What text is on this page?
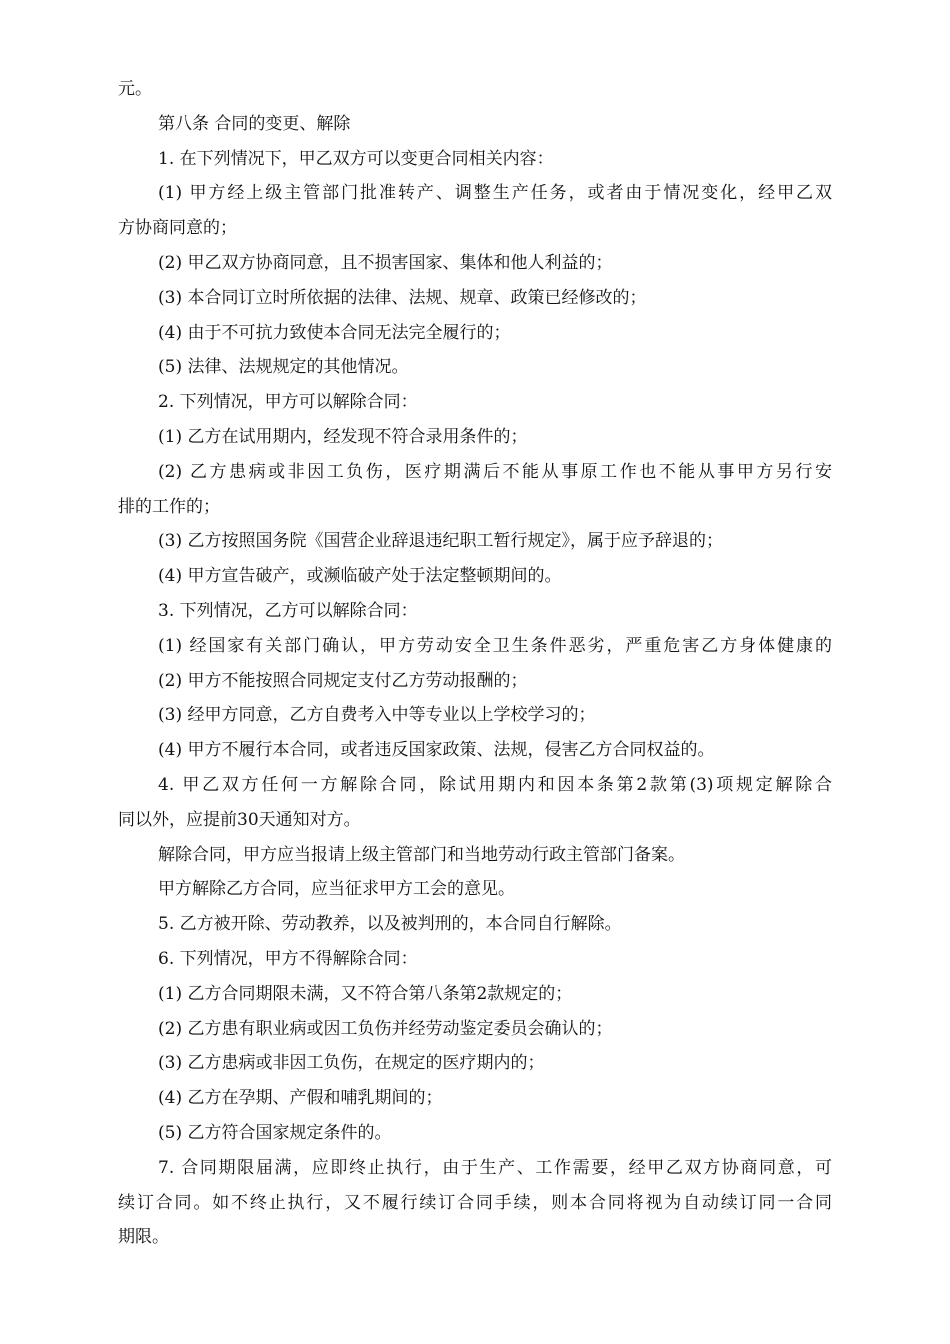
元。
第八条 合同的变更、解除
1. 在下列情况下，甲乙双方可以变更合同相关内容：
(1) 甲方经上级主管部门批准转产、调整生产任务，或者由于情况变化，经甲乙双
方协商同意的；
(2) 甲乙双方协商同意，且不损害国家、集体和他人利益的；
(3) 本合同订立时所依据的法律、法规、规章、政策已经修改的；
(4) 由于不可抗力致使本合同无法完全履行的；
(5) 法律、法规规定的其他情况。
2. 下列情况，甲方可以解除合同：
(1) 乙方在试用期内，经发现不符合录用条件的；
(2) 乙方患病或非因工负伤，医疗期满后不能从事原工作也不能从事甲方另行安
排的工作的；
(3) 乙方按照国务院《国营企业辞退违纪职工暂行规定》，属于应予辞退的；
(4) 甲方宣告破产，或濒临破产处于法定整顿期间的。
3. 下列情况，乙方可以解除合同：
(1) 经国家有关部门确认，甲方劳动安全卫生条件恶劣，严重危害乙方身体健康的
(2) 甲方不能按照合同规定支付乙方劳动报酬的；
(3) 经甲方同意，乙方自费考入中等专业以上学校学习的；
(4) 甲方不履行本合同，或者违反国家政策、法规，侵害乙方合同权益的。
4. 甲乙双方任何一方解除合同，除试用期内和因本条第2款第(3)项规定解除合
同以外，应提前30天通知对方。
解除合同，甲方应当报请上级主管部门和当地劳动行政主管部门备案。
甲方解除乙方合同，应当征求甲方工会的意见。
5. 乙方被开除、劳动教养，以及被判刑的，本合同自行解除。
6. 下列情况，甲方不得解除合同：
(1) 乙方合同期限未满，又不符合第八条第2款规定的；
(2) 乙方患有职业病或因工负伤并经劳动鉴定委员会确认的；
(3) 乙方患病或非因工负伤，在规定的医疗期内的；
(4) 乙方在孕期、产假和哺乳期间的；
(5) 乙方符合国家规定条件的。
7. 合同期限届满，应即终止执行，由于生产、工作需要，经甲乙双方协商同意，可
续订合同。如不终止执行，又不履行续订合同手续，则本合同将视为自动续订同一合同
期限。
